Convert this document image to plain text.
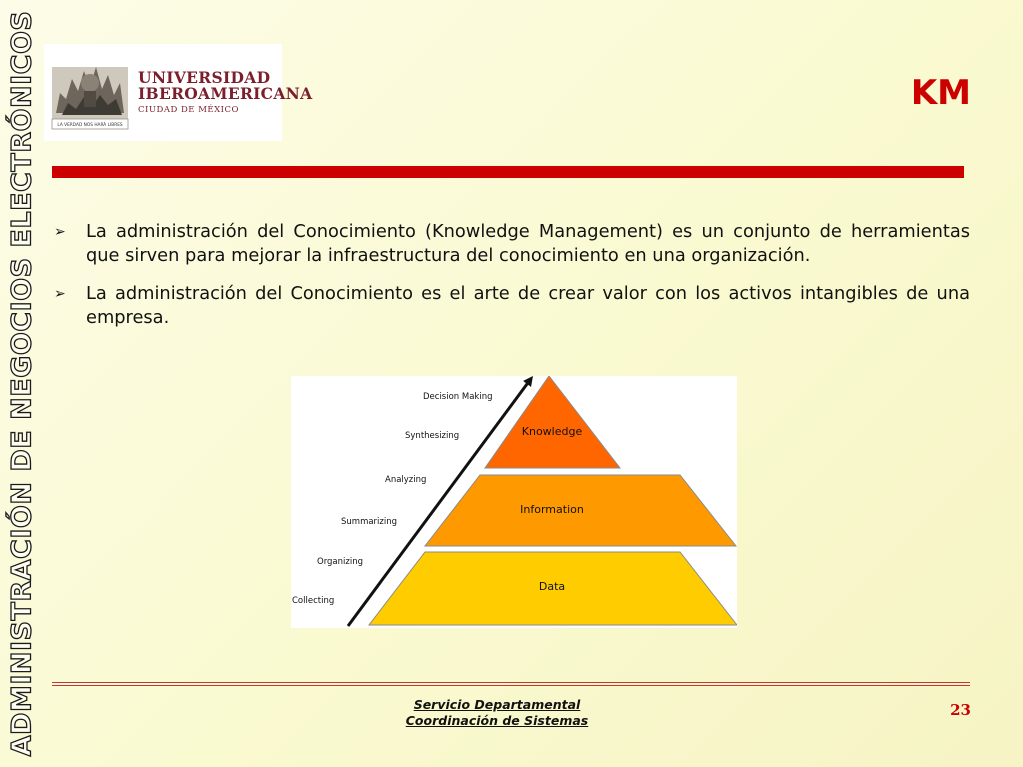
ADMINISTRACIÓN DE NEGOCIOS ELECTRÓNICOS	LA VERDAD NOS HARÁ LIBRES
UNIVERSIDAD
IBEROAMERICANA
CIUDAD DE MÉXICO	KM
➢	La administración del Conocimiento (Knowledge Management) es un conjunto de herramientas que sirven para mejorar la infraestructura del conocimiento en una organización.
➢	La administración del Conocimiento es el arte de crear valor con los activos intangibles de una empresa.
Knowledge
Information
Data
Decision Making
Synthesizing
Analyzing
Summarizing
Organizing
Collecting
Servicio Departamental
Coordinación de Sistemas
23
